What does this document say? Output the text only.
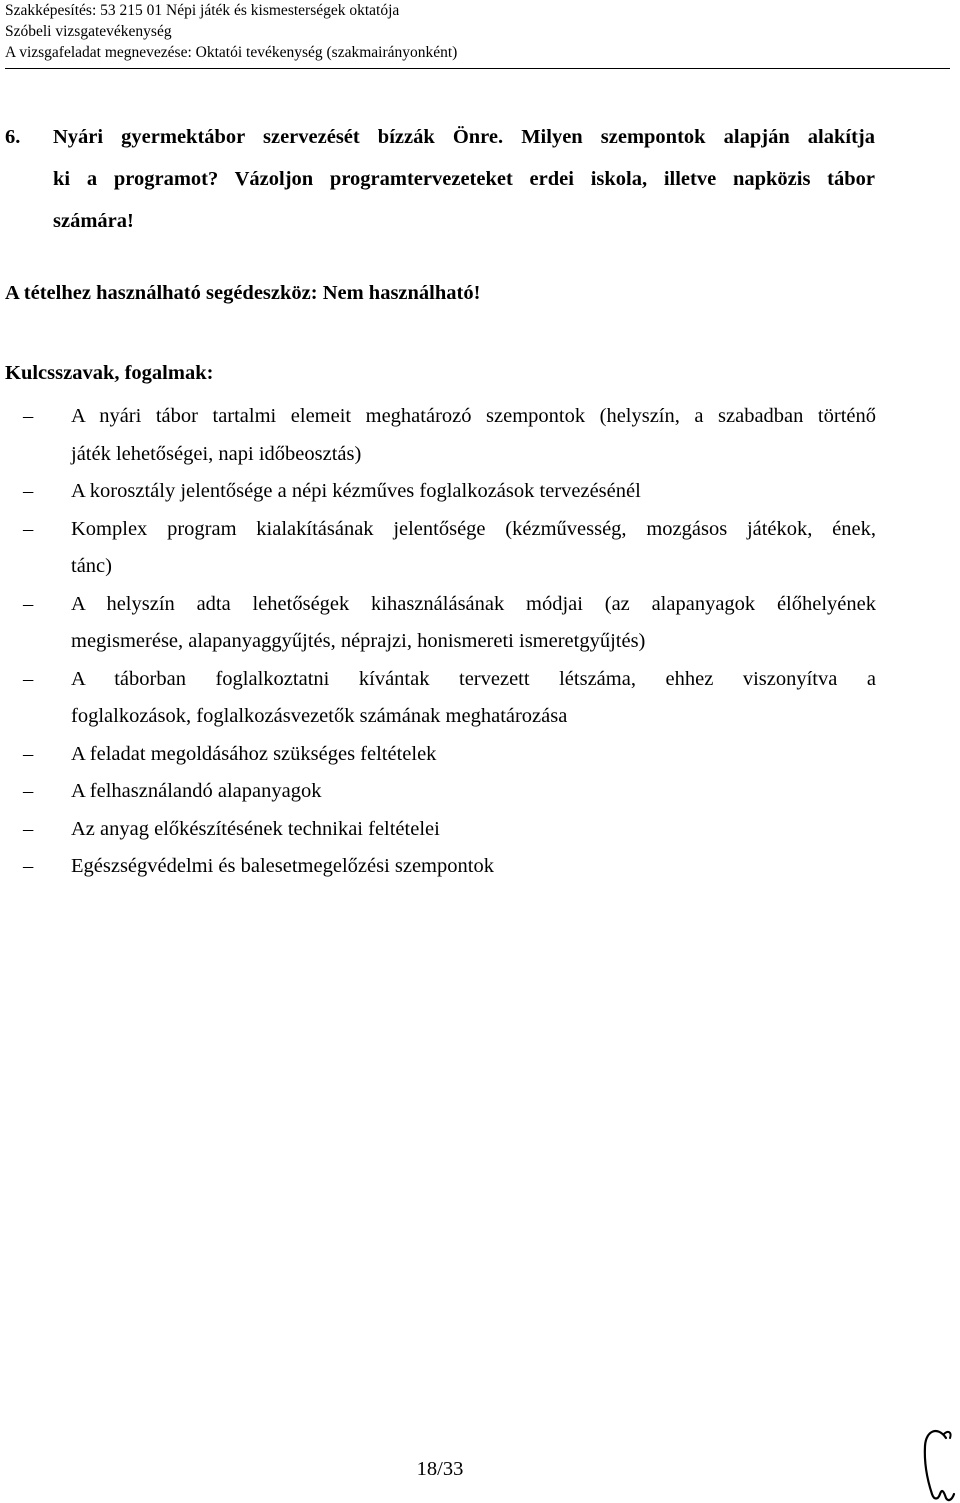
Szakképesítés: 53 215 01 Népi játék és kismesterségek oktatója
Szóbeli vizsgatevékenység
A vizsgafeladat megnevezése: Oktatói tevékenység (szakmairányonként)
6.	Nyári gyermektábor szervezését bízzák Önre. Milyen szempontok alapján alakítja
ki a programot? Vázoljon programtervezeteket erdei iskola, illetve napközis tábor
számára!
A tételhez használható segédeszköz: Nem használható!
Kulcsszavak, fogalmak:
–	A nyári tábor tartalmi elemeit meghatározó szempontok (helyszín, a szabadban történő
játék lehetőségei, napi időbeosztás)
–	A korosztály jelentősége a népi kézműves foglalkozások tervezésénél
–	Komplex program kialakításának jelentősége (kézművesség, mozgásos játékok, ének,
tánc)
–	A helyszín adta lehetőségek kihasználásának módjai (az alapanyagok élőhelyének
megismerése, alapanyaggyűjtés, néprajzi, honismereti ismeretgyűjtés)
–	A táborban foglalkoztatni kívántak tervezett létszáma, ehhez viszonyítva a
foglalkozások, foglalkozásvezetők számának meghatározása
–	A feladat megoldásához szükséges feltételek
–	A felhasználandó alapanyagok
–	Az anyag előkészítésének technikai feltételei
–	Egészségvédelmi és balesetmegelőzési szempontok
18/33
